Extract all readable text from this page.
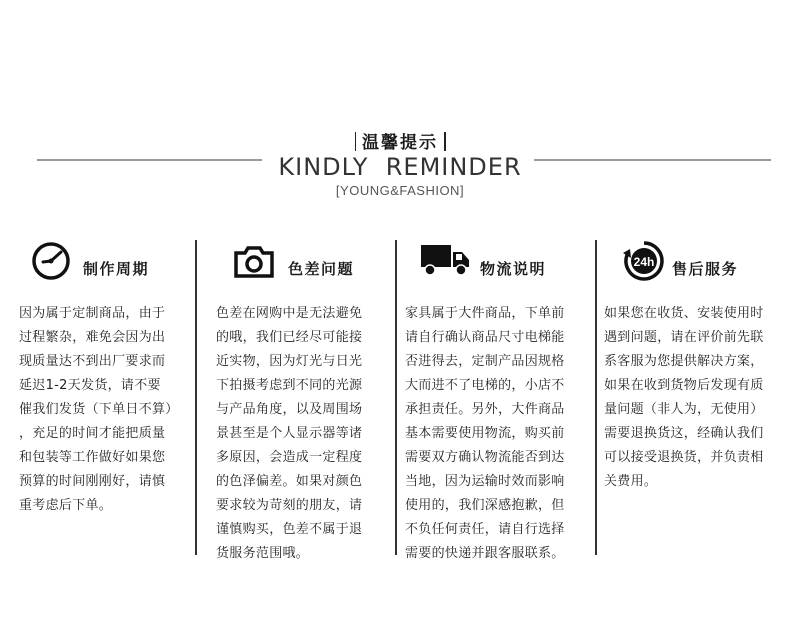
温馨提示
KINDLY  REMINDER
[YOUNG&FASHION]
制作周期
因为属于定制商品，由于
过程繁杂，难免会因为出
现质量达不到出厂要求而
延迟1-2天发货，请不要
催我们发货（下单日不算）
，充足的时间才能把质量
和包装等工作做好如果您
预算的时间刚刚好，请慎
重考虑后下单。
色差问题
色差在网购中是无法避免
的哦，我们已经尽可能接
近实物，因为灯光与日光
下拍摄考虑到不同的光源
与产品角度，以及周围场
景甚至是个人显示器等诸
多原因，会造成一定程度
的色泽偏差。如果对颜色
要求较为苛刻的朋友，请
谨慎购买，色差不属于退
货服务范围哦。
物流说明
家具属于大件商品，下单前
请自行确认商品尺寸电梯能
否进得去，定制产品因规格
大而进不了电梯的，小店不
承担责任。另外，大件商品
基本需要使用物流，购买前
需要双方确认物流能否到达
当地，因为运输时效而影响
使用的，我们深感抱歉，但
不负任何责任，请自行选择
需要的快递并跟客服联系。
24h 售后服务
如果您在收货、安装使用时
遇到问题，请在评价前先联
系客服为您提供解决方案，
如果在收到货物后发现有质
量问题（非人为，无使用）
需要退换货这，经确认我们
可以接受退换货，并负责相
关费用。
